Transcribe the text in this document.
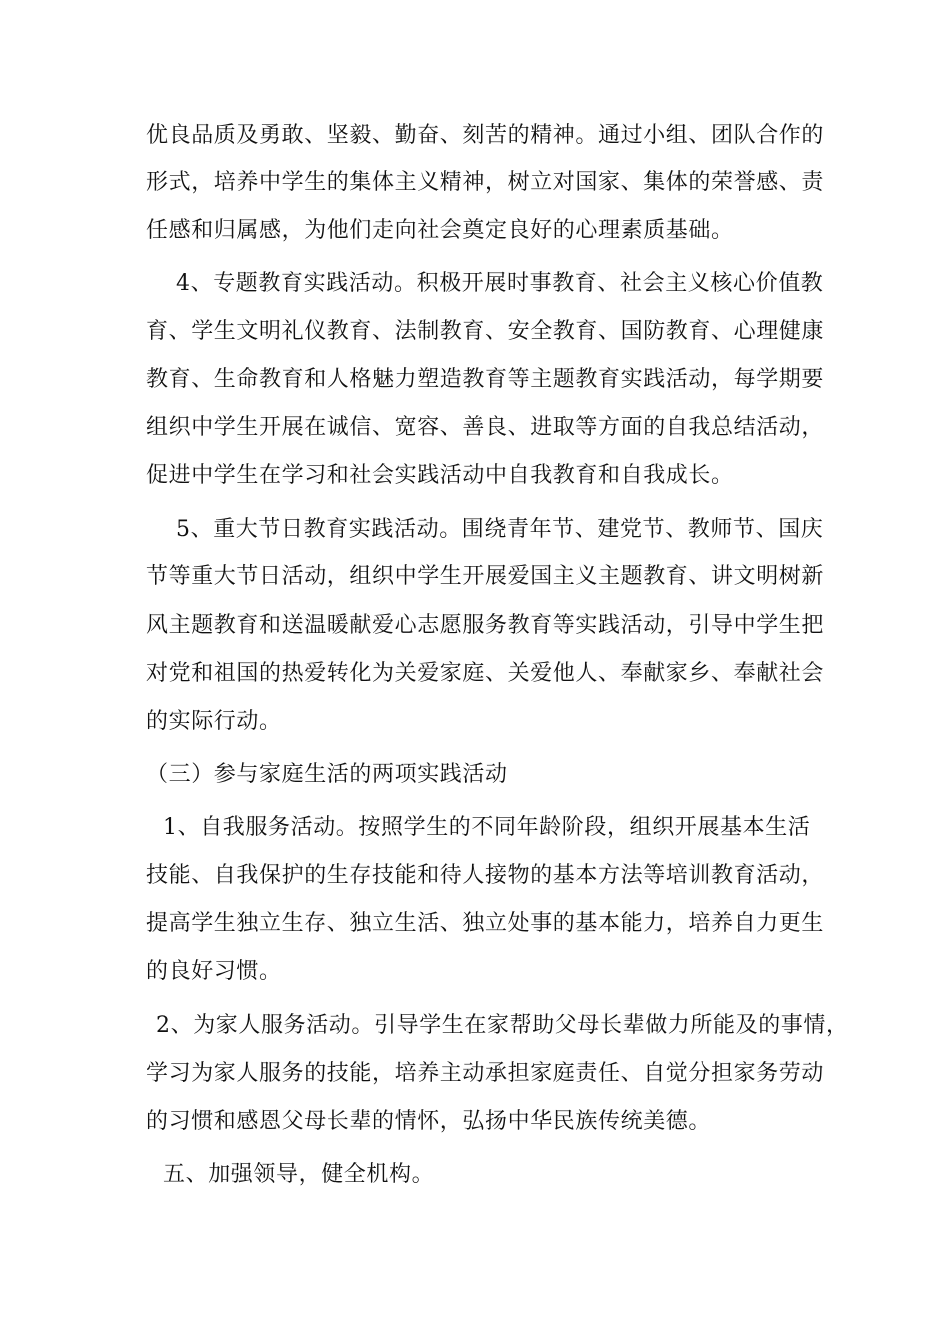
优良品质及勇敢、坚毅、勤奋、刻苦的精神。通过小组、团队合作的
形式，培养中学生的集体主义精神，树立对国家、集体的荣誉感、责
任感和归属感，为他们走向社会奠定良好的心理素质基础。
4、专题教育实践活动。积极开展时事教育、社会主义核心价值教
育、学生文明礼仪教育、法制教育、安全教育、国防教育、心理健康
教育、生命教育和人格魅力塑造教育等主题教育实践活动，每学期要
组织中学生开展在诚信、宽容、善良、进取等方面的自我总结活动，
促进中学生在学习和社会实践活动中自我教育和自我成长。
5、重大节日教育实践活动。围绕青年节、建党节、教师节、国庆
节等重大节日活动，组织中学生开展爱国主义主题教育、讲文明树新
风主题教育和送温暖献爱心志愿服务教育等实践活动，引导中学生把
对党和祖国的热爱转化为关爱家庭、关爱他人、奉献家乡、奉献社会
的实际行动。
（三）参与家庭生活的两项实践活动
1、自我服务活动。按照学生的不同年龄阶段，组织开展基本生活
技能、自我保护的生存技能和待人接物的基本方法等培训教育活动，
提高学生独立生存、独立生活、独立处事的基本能力，培养自力更生
的良好习惯。
2、为家人服务活动。引导学生在家帮助父母长辈做力所能及的事情，
学习为家人服务的技能，培养主动承担家庭责任、自觉分担家务劳动
的习惯和感恩父母长辈的情怀，弘扬中华民族传统美德。
五、加强领导，健全机构。
